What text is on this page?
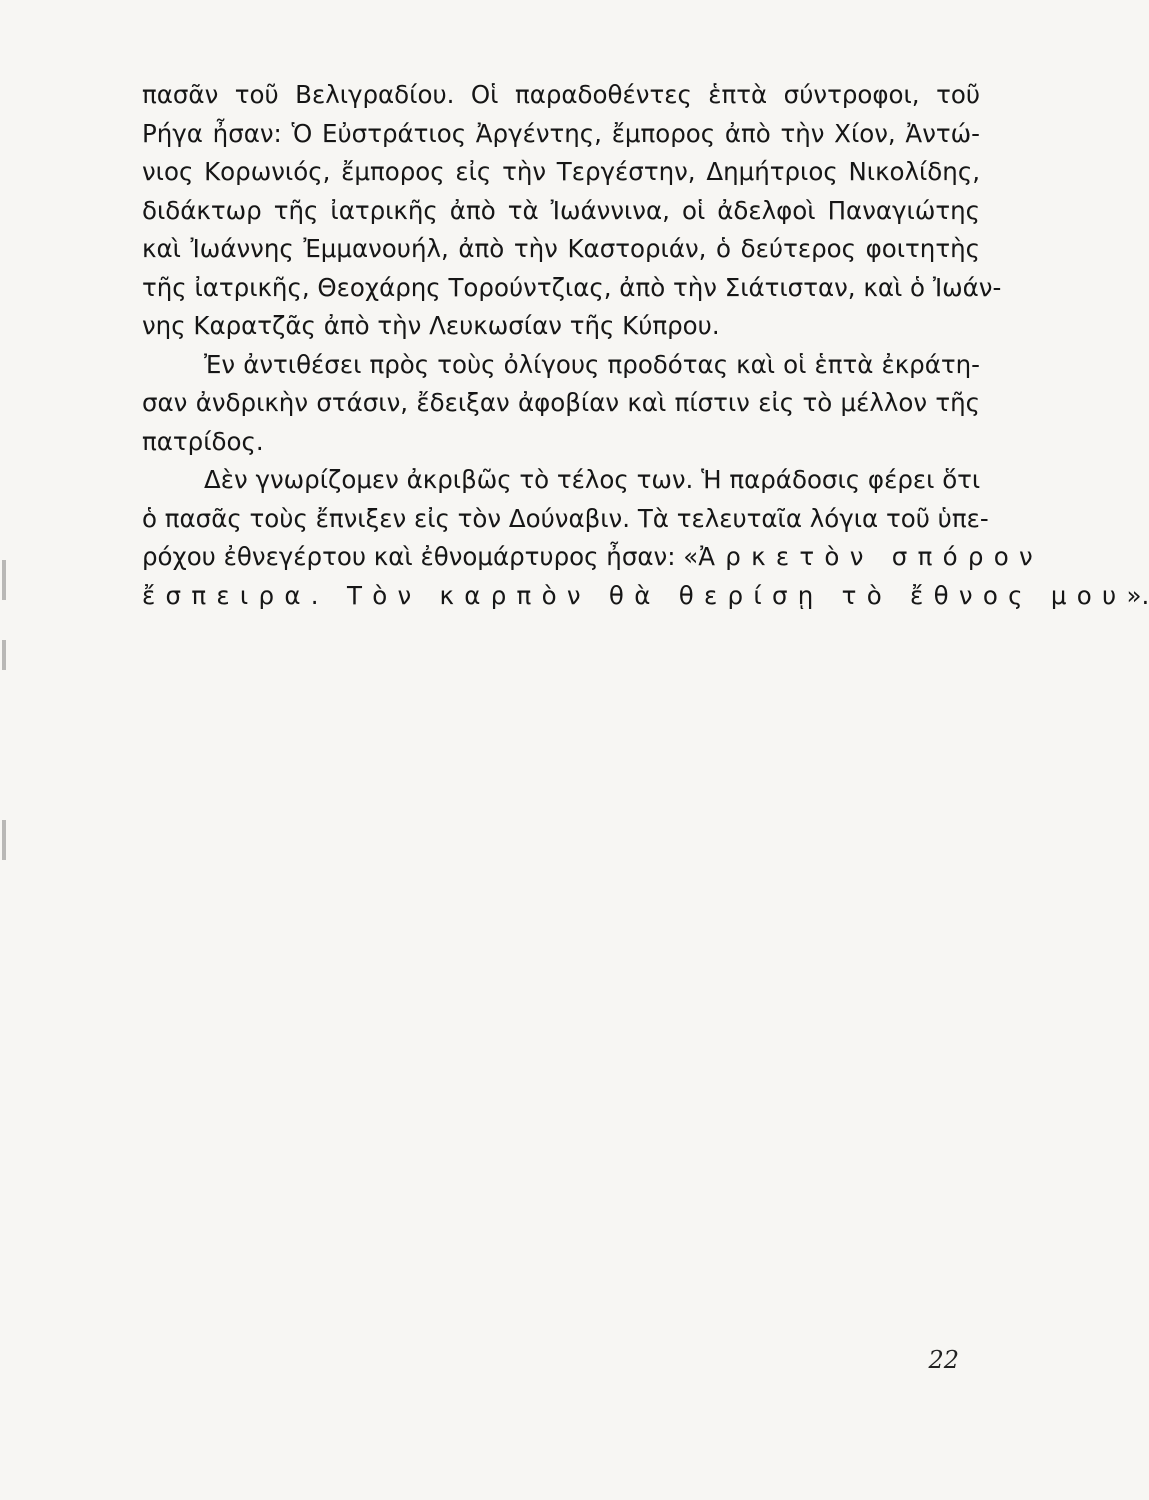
πασᾶν τοῦ Βελιγραδίου. Οἱ παραδοθέντες ἑπτὰ σύντροφοι, τοῦ
Ρήγα ἦσαν: Ὁ Εὐστράτιος Ἀργέντης, ἔμπορος ἀπὸ τὴν Χίον, Ἀντώ-
νιος Κορωνιός, ἔμπορος εἰς τὴν Τεργέστην, Δημήτριος Νικολίδης,
διδάκτωρ τῆς ἰατρικῆς ἀπὸ τὰ Ἰωάννινα, οἱ ἀδελφοὶ Παναγιώτης
καὶ Ἰωάννης Ἐμμανουήλ, ἀπὸ τὴν Καστοριάν, ὁ δεύτερος φοιτητὴς
τῆς ἰατρικῆς, Θεοχάρης Τορούντζιας, ἀπὸ τὴν Σιάτισταν, καὶ ὁ Ἰωάν-
νης Καρατζᾶς ἀπὸ τὴν Λευκωσίαν τῆς Κύπρου.

Ἐν ἀντιθέσει πρὸς τοὺς ὀλίγους προδότας καὶ οἱ ἑπτὰ ἐκράτη-
σαν ἀνδρικὴν στάσιν, ἔδειξαν ἀφοβίαν καὶ πίστιν εἰς τὸ μέλλον τῆς
πατρίδος.

Δὲν γνωρίζομεν ἀκριβῶς τὸ τέλος των. Ἡ παράδοσις φέρει ὅτι
ὁ πασᾶς τοὺς ἔπνιξεν εἰς τὸν Δούναβιν. Τὰ τελευταῖα λόγια τοῦ ὑπε-
ρόχου ἐθνεγέρτου καὶ ἐθνομάρτυρος ἦσαν: «Ἀρκετὸν σπόρον
ἔσπειρα. Τὸν καρπὸν θὰ θερίσῃ τὸ ἔθνος μου».

22
